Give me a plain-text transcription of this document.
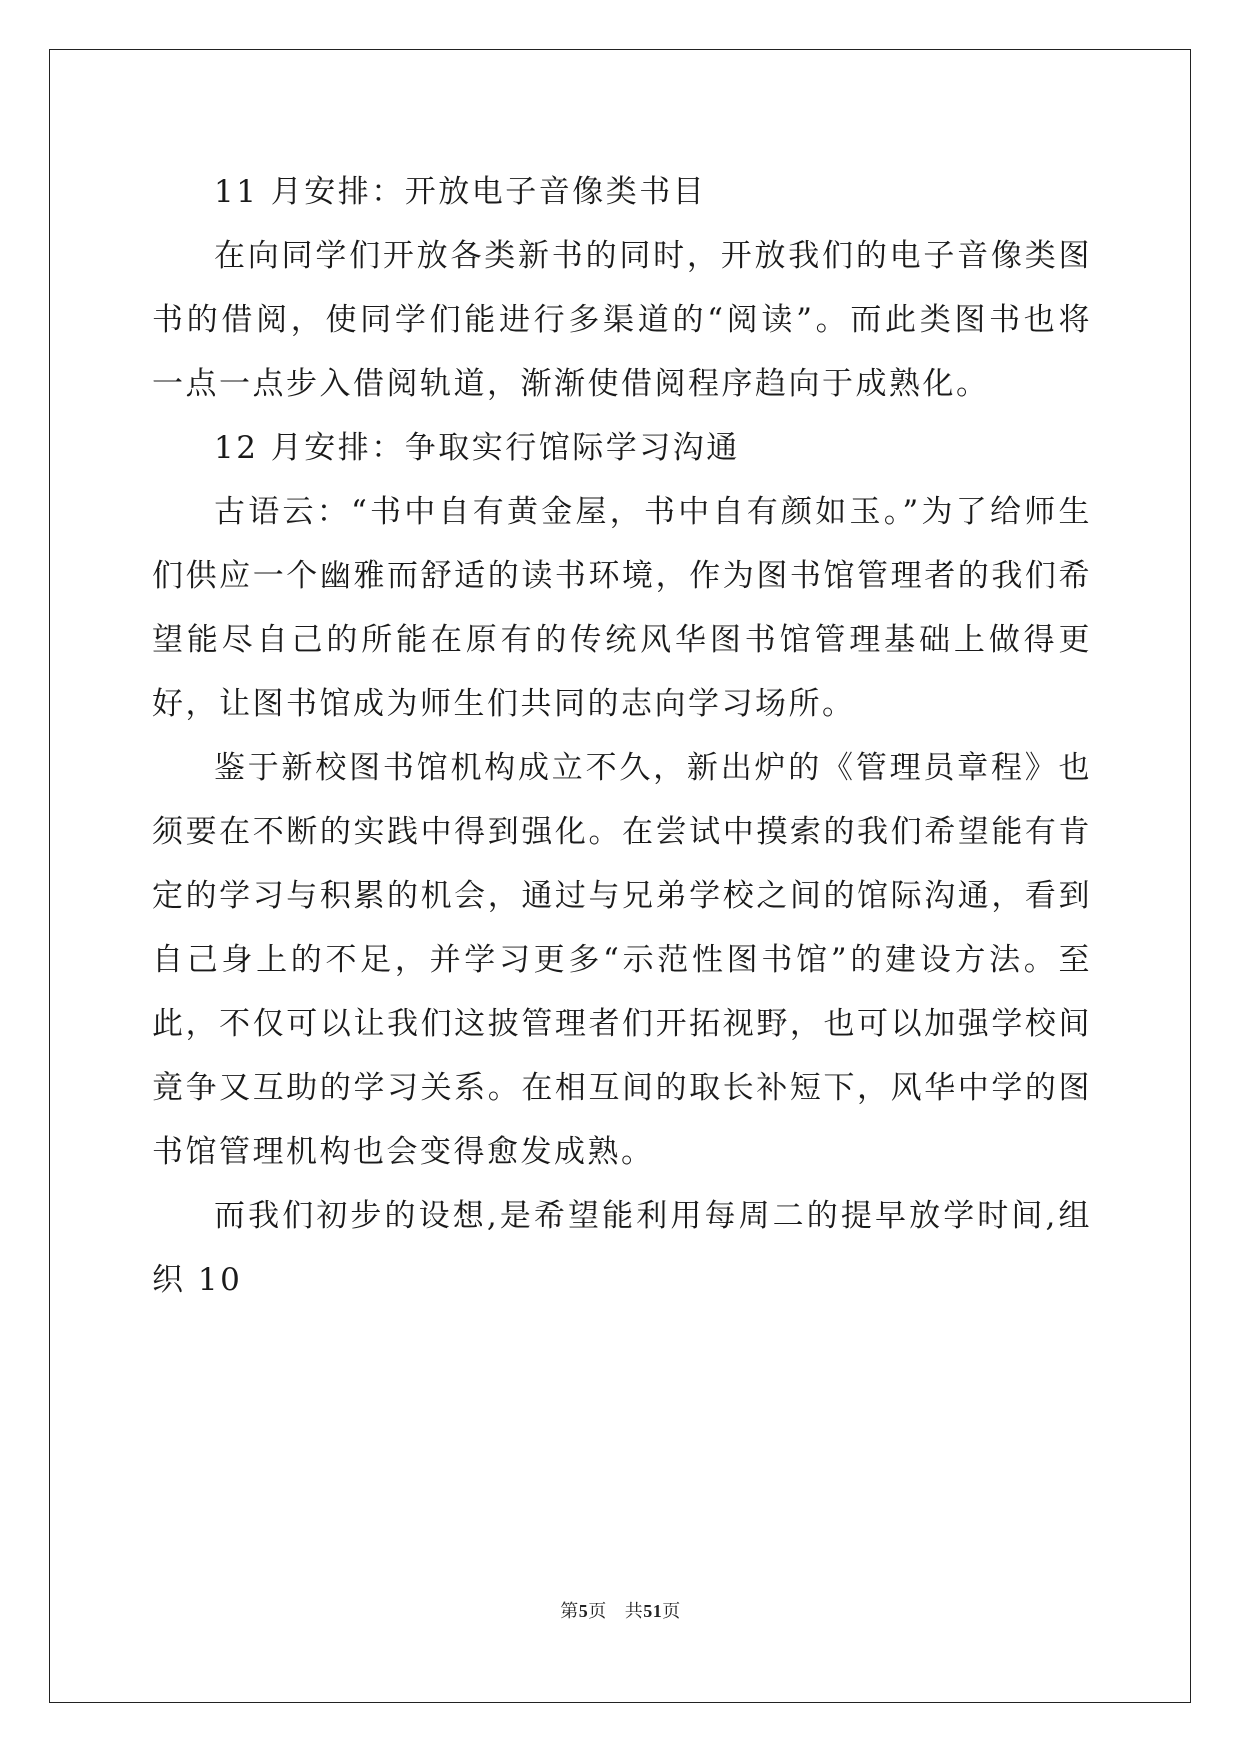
11 月安排：开放电子音像类书目

在向同学们开放各类新书的同时，开放我们的电子音像类图书的借阅，使同学们能进行多渠道的“阅读”。而此类图书也将一点一点步入借阅轨道，渐渐使借阅程序趋向于成熟化。

12 月安排：争取实行馆际学习沟通

古语云：“书中自有黄金屋，书中自有颜如玉。”为了给师生们供应一个幽雅而舒适的读书环境，作为图书馆管理者的我们希望能尽自己的所能在原有的传统风华图书馆管理基础上做得更好，让图书馆成为师生们共同的志向学习场所。

鉴于新校图书馆机构成立不久，新出炉的《管理员章程》也须要在不断的实践中得到强化。在尝试中摸索的我们希望能有肯定的学习与积累的机会，通过与兄弟学校之间的馆际沟通，看到自己身上的不足，并学习更多“示范性图书馆”的建设方法。至此，不仅可以让我们这披管理者们开拓视野，也可以加强学校间竟争又互助的学习关系。在相互间的取长补短下，风华中学的图书馆管理机构也会变得愈发成熟。

而我们初步的设想,是希望能利用每周二的提早放学时间,组织 10

第5页 共51页
